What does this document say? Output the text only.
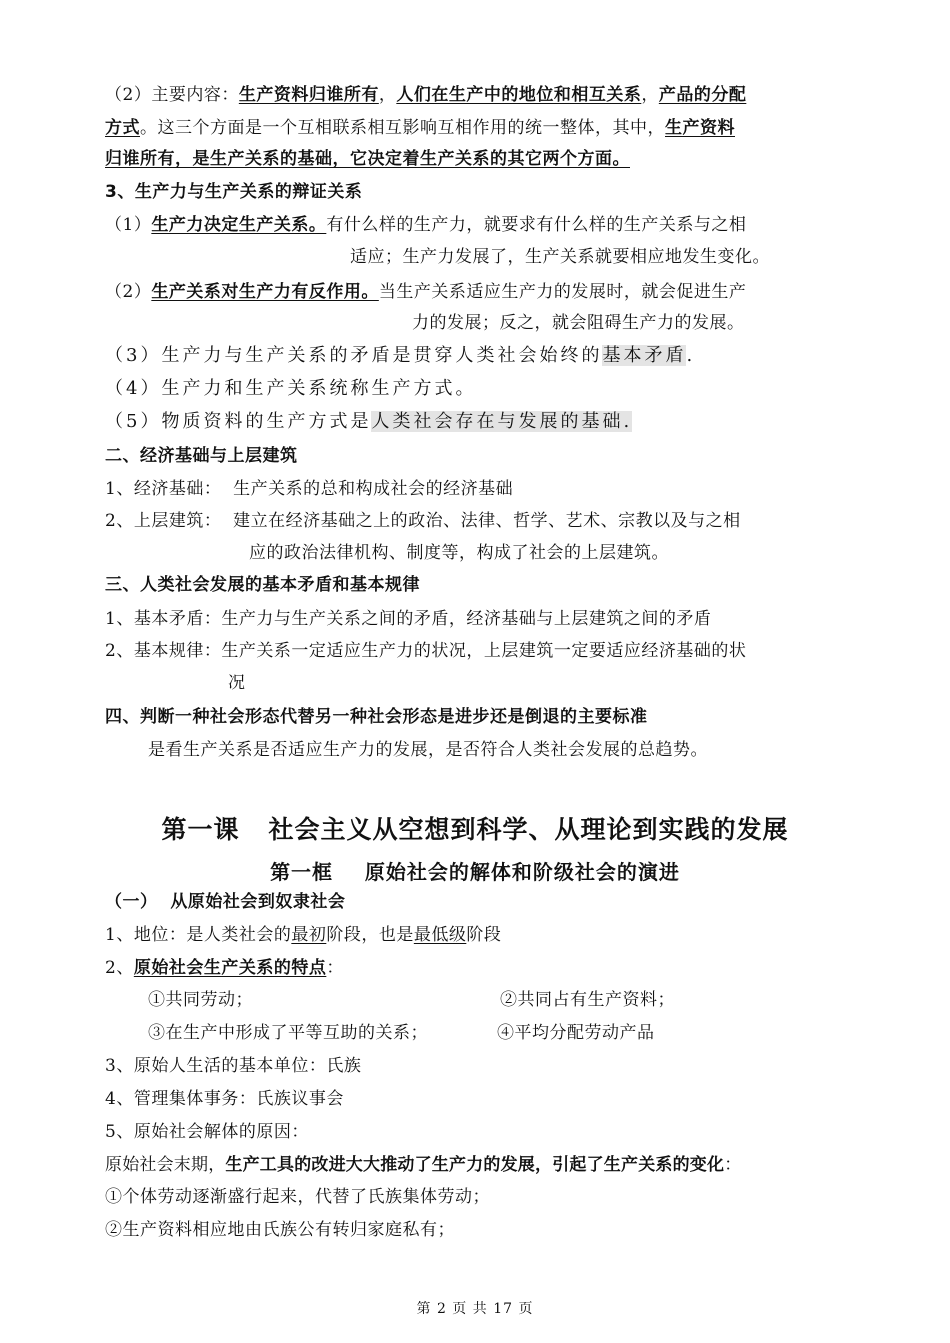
（2）主要内容：生产资料归谁所有，人们在生产中的地位和相互关系，产品的分配
方式。这三个方面是一个互相联系相互影响互相作用的统一整体，其中，生产资料
归谁所有，是生产关系的基础，它决定着生产关系的其它两个方面。
3、生产力与生产关系的辩证关系
（1）生产力决定生产关系。有什么样的生产力，就要求有什么样的生产关系与之相
适应；生产力发展了，生产关系就要相应地发生变化。
（2）生产关系对生产力有反作用。当生产关系适应生产力的发展时，就会促进生产
力的发展；反之，就会阻碍生产力的发展。
（3）生产力与生产关系的矛盾是贯穿人类社会始终的基本矛盾.
（4）生产力和生产关系统称生产方式。
（5）物质资料的生产方式是人类社会存在与发展的基础.
二、经济基础与上层建筑
1、经济基础：  生产关系的总和构成社会的经济基础
2、上层建筑：  建立在经济基础之上的政治、法律、哲学、艺术、宗教以及与之相
应的政治法律机构、制度等，构成了社会的上层建筑。
三、人类社会发展的基本矛盾和基本规律
1、基本矛盾：生产力与生产关系之间的矛盾，经济基础与上层建筑之间的矛盾
2、基本规律：生产关系一定适应生产力的状况，上层建筑一定要适应经济基础的状
况
四、判断一种社会形态代替另一种社会形态是进步还是倒退的主要标准
是看生产关系是否适应生产力的发展，是否符合人类社会发展的总趋势。
第一课   社会主义从空想到科学、从理论到实践的发展
第一框    原始社会的解体和阶级社会的演进
（一）  从原始社会到奴隶社会
1、地位：是人类社会的最初阶段，也是最低级阶段
2、原始社会生产关系的特点：
①共同劳动；	②共同占有生产资料；
③在生产中形成了平等互助的关系；	④平均分配劳动产品
3、原始人生活的基本单位：氏族
4、管理集体事务：氏族议事会
5、原始社会解体的原因：
原始社会末期，生产工具的改进大大推动了生产力的发展，引起了生产关系的变化：
①个体劳动逐渐盛行起来，代替了氏族集体劳动；
②生产资料相应地由氏族公有转归家庭私有；
第 2 页 共 17 页
